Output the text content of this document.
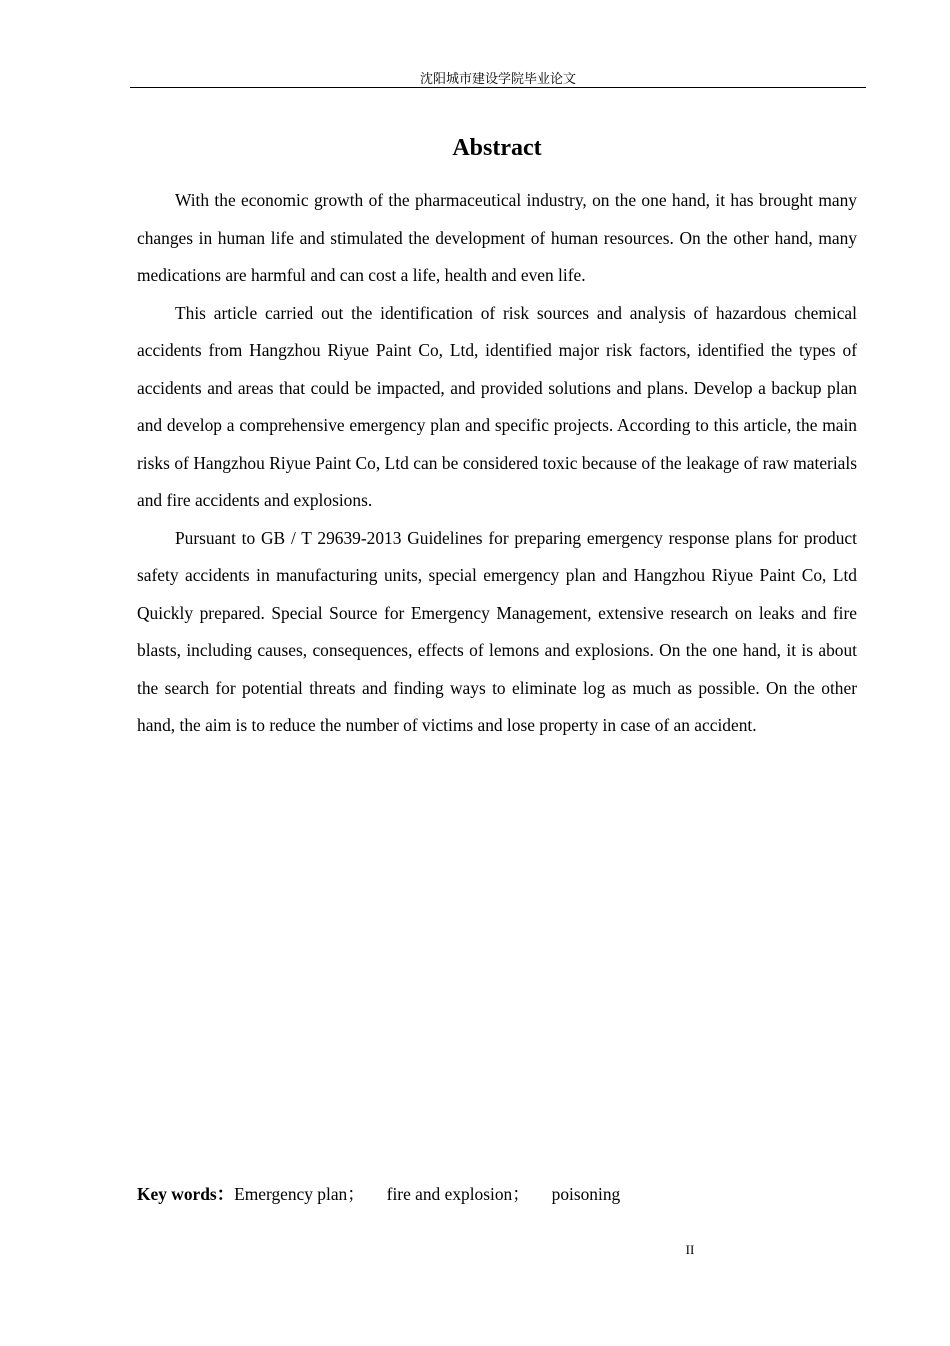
沈阳城市建设学院毕业论文
Abstract

With the economic growth of the pharmaceutical industry, on the one hand, it has brought many changes in human life and stimulated the development of human resources. On the other hand, many medications are harmful and can cost a life, health and even life.

This article carried out the identification of risk sources and analysis of hazardous chemical accidents from Hangzhou Riyue Paint Co, Ltd, identified major risk factors, identified the types of accidents and areas that could be impacted, and provided solutions and plans. Develop a backup plan and develop a comprehensive emergency plan and specific projects. According to this article, the main risks of Hangzhou Riyue Paint Co, Ltd can be considered toxic because of the leakage of raw materials and fire accidents and explosions.

Pursuant to GB / T 29639-2013 Guidelines for preparing emergency response plans for product safety accidents in manufacturing units, special emergency plan and Hangzhou Riyue Paint Co, Ltd Quickly prepared. Special Source for Emergency Management, extensive research on leaks and fire blasts, including causes, consequences, effects of lemons and explosions. On the one hand, it is about the search for potential threats and finding ways to eliminate log as much as possible. On the other hand, the aim is to reduce the number of victims and lose property in case of an accident.

Key words：Emergency plan； fire and explosion； poisoning
II
